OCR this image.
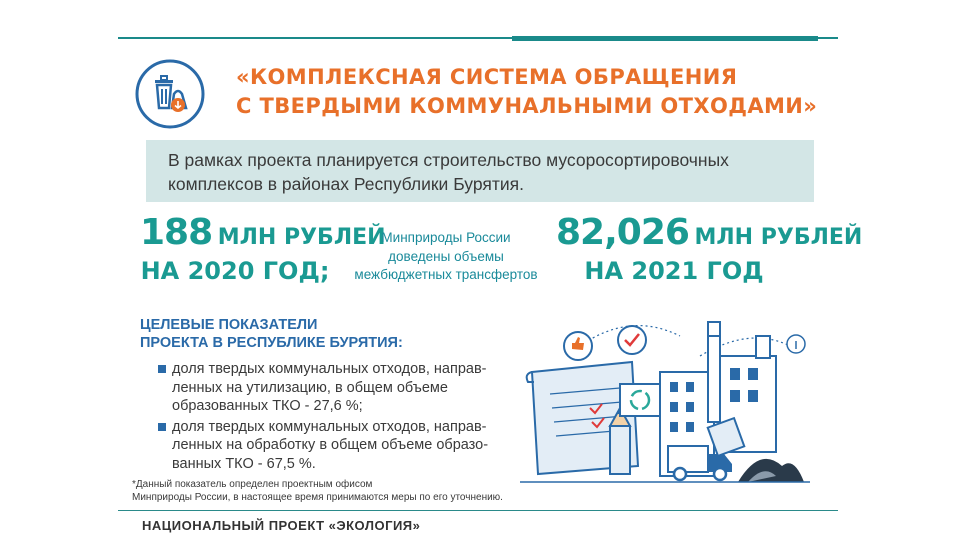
«КОМПЛЕКСНАЯ СИСТЕМА ОБРАЩЕНИЯ
С ТВЕРДЫМИ КОММУНАЛЬНЫМИ ОТХОДАМИ»
В рамках проекта планируется строительство мусоросортировочных
комплексов в районах Республики Бурятия.
188 МЛН РУБЛЕЙ
НА 2020 ГОД;
Минприроды России
доведены объемы
межбюджетных трансфертов
82,026 МЛН РУБЛЕЙ
НА 2021 ГОД
ЦЕЛЕВЫЕ ПОКАЗАТЕЛИ
ПРОЕКТА В РЕСПУБЛИКЕ БУРЯТИЯ:
доля твердых коммунальных отходов, направ-
ленных на утилизацию, в общем объеме
образованных ТКО - 27,6 %;
доля твердых коммунальных отходов, направ-
ленных на обработку в общем объеме образо-
ванных ТКО - 67,5 %.
*Данный показатель определен проектным офисом
Минприроды России, в настоящее время принимаются меры по его уточнению.
НАЦИОНАЛЬНЫЙ ПРОЕКТ «ЭКОЛОГИЯ»
